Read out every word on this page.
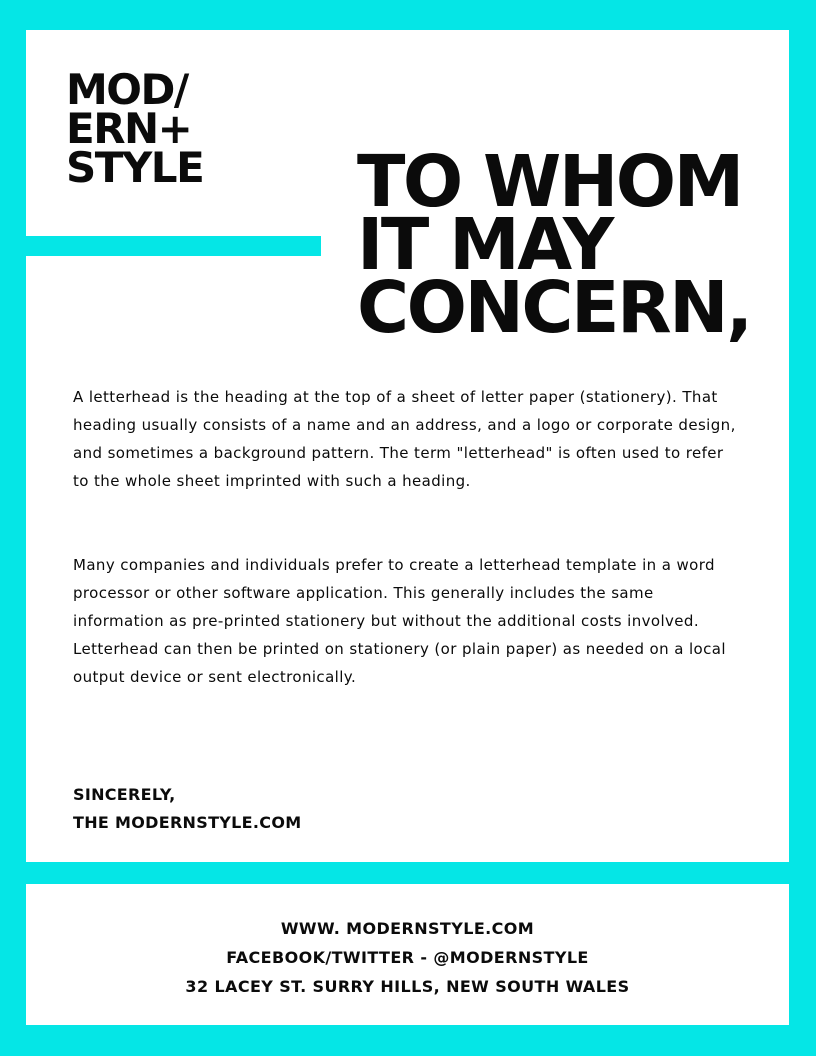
MOD/
ERN+
STYLE TO WHOM
IT MAY
CONCERN,

A letterhead is the heading at the top of a sheet of letter paper (stationery). That heading usually consists of a name and an address, and a logo or corporate design, and sometimes a background pattern. The term "letterhead" is often used to refer to the whole sheet imprinted with such a heading.

Many companies and individuals prefer to create a letterhead template in a word processor or other software application. This generally includes the same information as pre-printed stationery but without the additional costs involved. Letterhead can then be printed on stationery (or plain paper) as needed on a local output device or sent electronically.

SINCERELY,
THE MODERNSTYLE.COM
WWW. MODERNSTYLE.COM
FACEBOOK/TWITTER - @MODERNSTYLE
32 LACEY ST. SURRY HILLS, NEW SOUTH WALES
